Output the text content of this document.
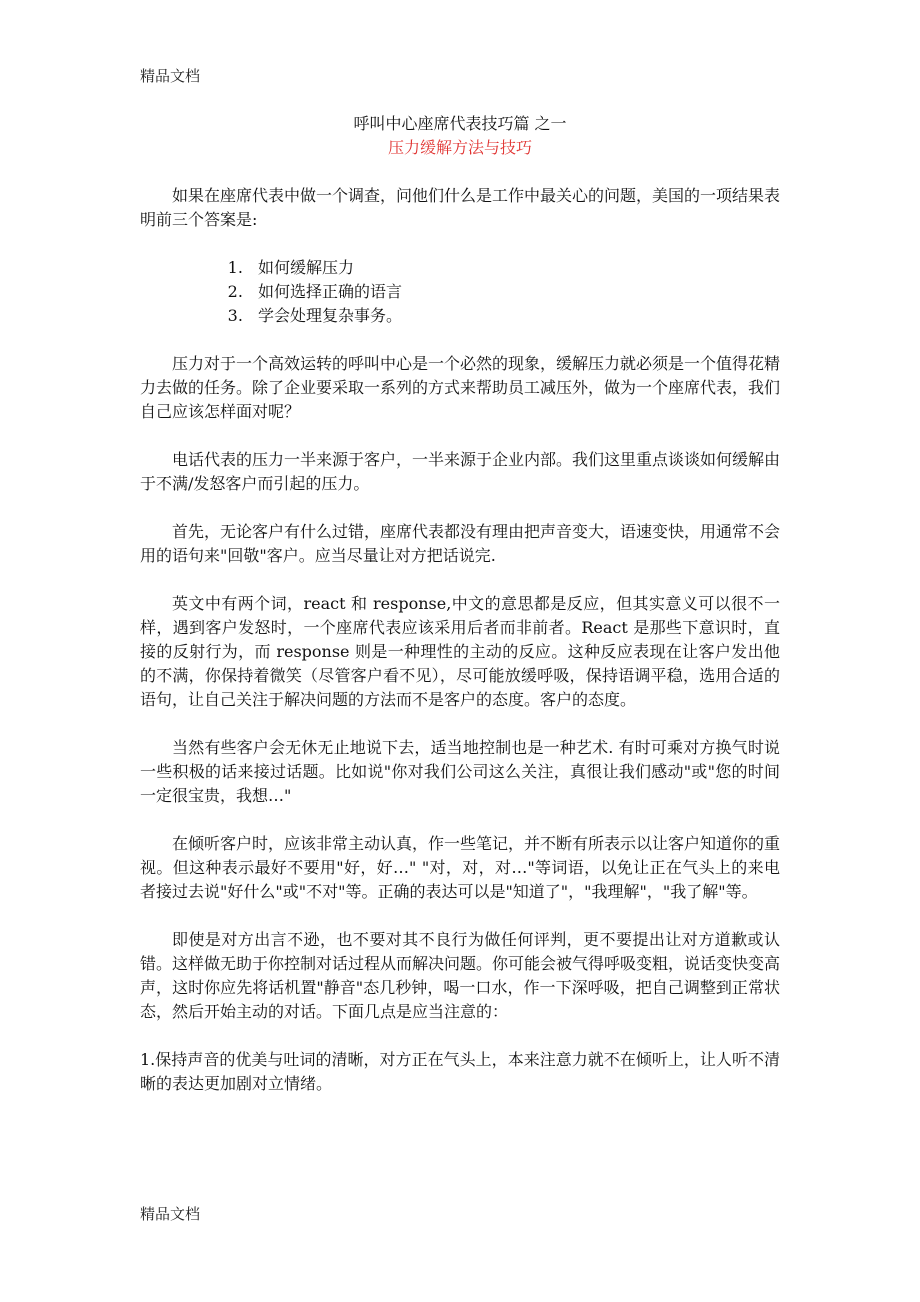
精品文档
呼叫中心座席代表技巧篇 之一
压力缓解方法与技巧

如果在座席代表中做一个调查，问他们什么是工作中最关心的问题，美国的一项结果表明前三个答案是:

1. 如何缓解压力
2. 如何选择正确的语言
3. 学会处理复杂事务。

压力对于一个高效运转的呼叫中心是一个必然的现象，缓解压力就必须是一个值得花精力去做的任务。除了企业要采取一系列的方式来帮助员工减压外，做为一个座席代表，我们自己应该怎样面对呢？

电话代表的压力一半来源于客户，一半来源于企业内部。我们这里重点谈谈如何缓解由于不满/发怒客户而引起的压力。

首先，无论客户有什么过错，座席代表都没有理由把声音变大，语速变快，用通常不会用的语句来"回敬"客户。应当尽量让对方把话说完.

英文中有两个词，react 和 response,中文的意思都是反应，但其实意义可以很不一样，遇到客户发怒时，一个座席代表应该采用后者而非前者。React 是那些下意识时，直接的反射行为，而 response 则是一种理性的主动的反应。这种反应表现在让客户发出他的不满，你保持着微笑（尽管客户看不见），尽可能放缓呼吸，保持语调平稳，选用合适的语句，让自己关注于解决问题的方法而不是客户的态度。客户的态度。

当然有些客户会无休无止地说下去，适当地控制也是一种艺术. 有时可乘对方换气时说一些积极的话来接过话题。比如说"你对我们公司这么关注，真很让我们感动"或"您的时间一定很宝贵，我想…"

在倾听客户时，应该非常主动认真，作一些笔记，并不断有所表示以让客户知道你的重视。但这种表示最好不要用"好，好…" "对，对，对…"等词语，以免让正在气头上的来电者接过去说"好什么"或"不对"等。正确的表达可以是"知道了"，"我理解"，"我了解"等。

即使是对方出言不逊，也不要对其不良行为做任何评判，更不要提出让对方道歉或认错。这样做无助于你控制对话过程从而解决问题。你可能会被气得呼吸变粗，说话变快变高声，这时你应先将话机置"静音"态几秒钟，喝一口水，作一下深呼吸，把自己调整到正常状态，然后开始主动的对话。下面几点是应当注意的：

1.保持声音的优美与吐词的清晰，对方正在气头上，本来注意力就不在倾听上，让人听不清晰的表达更加剧对立情绪。

精品文档
